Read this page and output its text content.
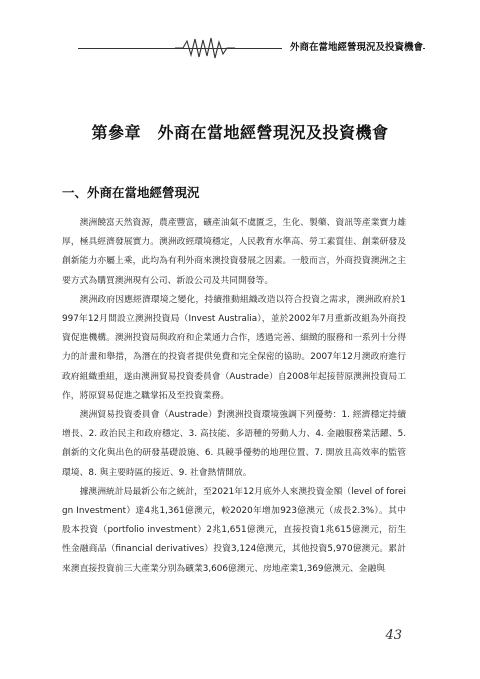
外商在當地經營現況及投資機會
第參章　外商在當地經營現況及投資機會
一、外商在當地經營現況

澳洲饒富天然資源，農產豐富，礦產油氣不虞匱乏，生化、製藥、資訊等產業實力雄厚，極具經濟發展實力。澳洲政經環境穩定，人民教育水準高、勞工素質佳、創業研發及創新能力亦屬上乘，此均為有利外商來澳投資發展之因素。一般而言，外商投資澳洲之主要方式為購買澳洲現有公司、新設公司及共同開發等。

澳洲政府因應經濟環境之變化，持續推動組織改造以符合投資之需求，澳洲政府於1997年12月間設立澳洲投資局（Invest Australia），並於2002年7月重新改組為外商投資促進機構。澳洲投資局與政府和企業通力合作，透過完善、細緻的服務和一系列十分得力的計畫和舉措，為潛在的投資者提供免費和完全保密的協助。2007年12月澳政府進行政府組織重組，遂由澳洲貿易投資委員會（Austrade）自2008年起接替原澳洲投資局工作，將原貿易促進之職掌拓及至投資業務。

澳洲貿易投資委員會（Austrade）對澳洲投資環境強調下列優勢：1. 經濟穩定持續增長、2. 政治民主和政府穩定、3. 高技能、多語種的勞動人力、4. 金融服務業活躍、5. 創新的文化與出色的研發基礎設施、6. 具競爭優勢的地理位置、7. 開放且高效率的監管環境、8. 與主要時區的接近、9. 社會熱情開放。

據澳洲統計局最新公布之統計，至2021年12月底外人來澳投資金額（level of foreign Investment）達4兆1,361億澳元，較2020年增加923億澳元（成長2.3%）。其中股本投資（portfolio investment）2兆1,651億澳元，直接投資1兆615億澳元，衍生性金融商品（financial derivatives）投資3,124億澳元，其他投資5,970億澳元。累計來澳直接投資前三大產業分別為礦業3,606億澳元、房地產業1,369億澳元、金融與

43
